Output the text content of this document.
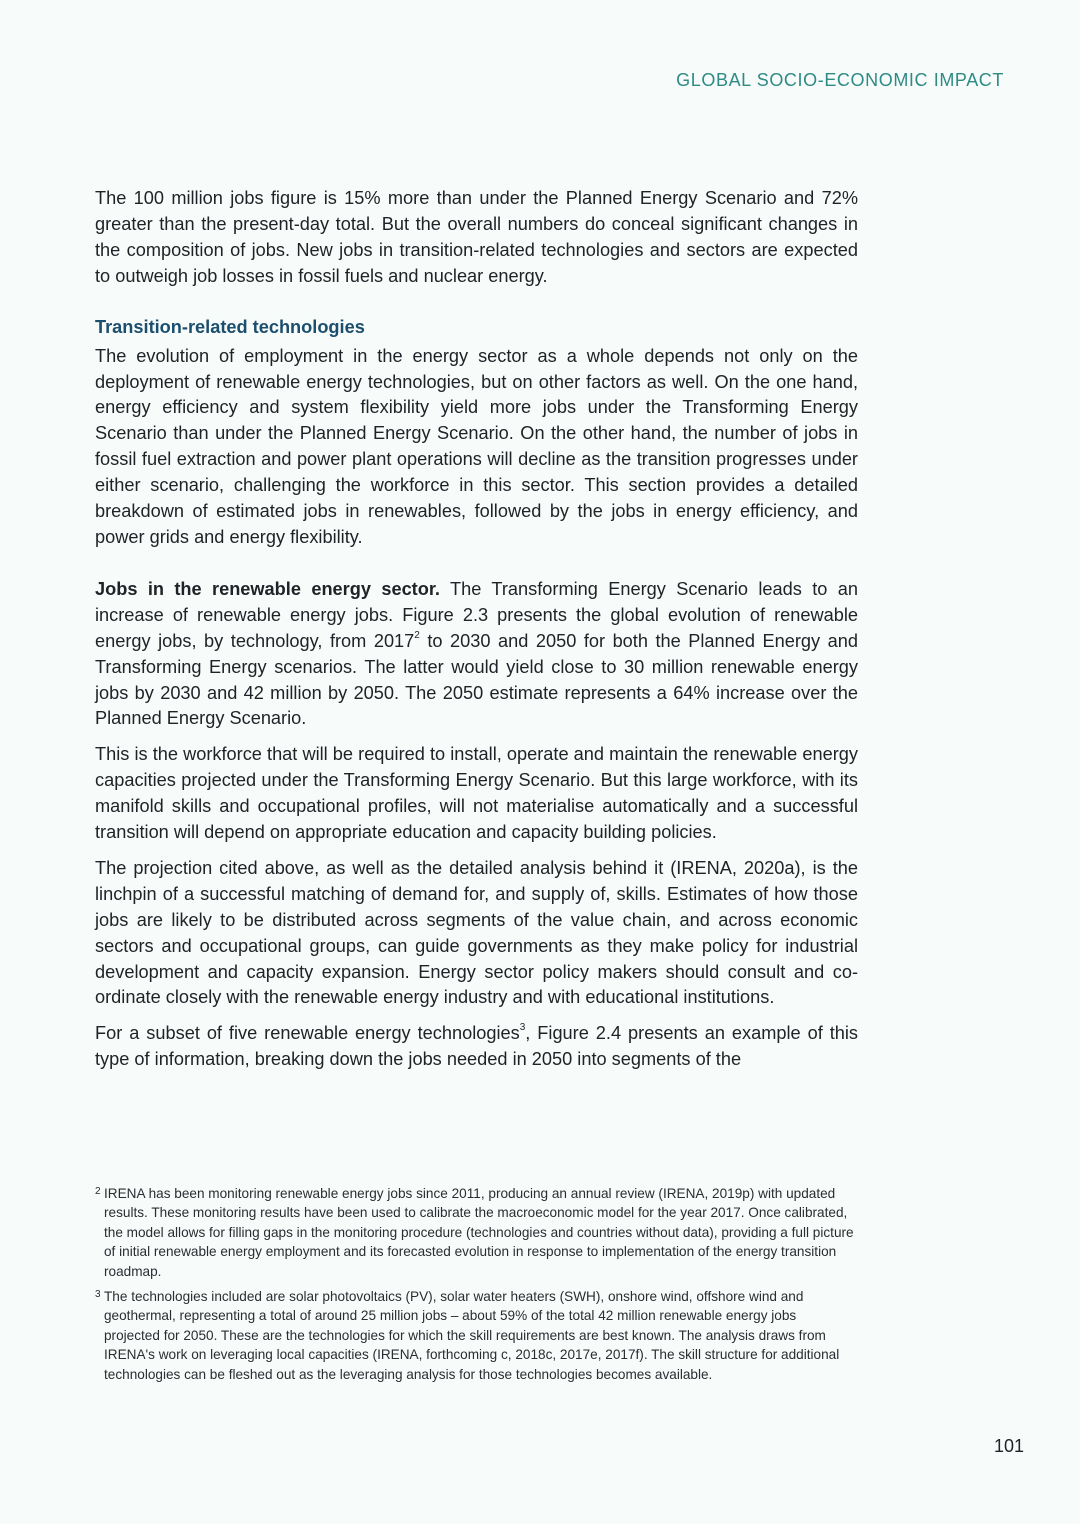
GLOBAL SOCIO-ECONOMIC IMPACT

The 100 million jobs figure is 15% more than under the Planned Energy Scenario and 72% greater than the present-day total. But the overall numbers do conceal significant changes in the composition of jobs. New jobs in transition-related technologies and sectors are expected to outweigh job losses in fossil fuels and nuclear energy.

Transition-related technologies

The evolution of employment in the energy sector as a whole depends not only on the deployment of renewable energy technologies, but on other factors as well. On the one hand, energy efficiency and system flexibility yield more jobs under the Transforming Energy Scenario than under the Planned Energy Scenario. On the other hand, the number of jobs in fossil fuel extraction and power plant operations will decline as the transition progresses under either scenario, challenging the workforce in this sector. This section provides a detailed breakdown of estimated jobs in renewables, followed by the jobs in energy efficiency, and power grids and energy flexibility.

Jobs in the renewable energy sector. The Transforming Energy Scenario leads to an increase of renewable energy jobs. Figure 2.3 presents the global evolution of renewable energy jobs, by technology, from 2017$^2$ to 2030 and 2050 for both the Planned Energy and Transforming Energy scenarios. The latter would yield close to 30 million renewable energy jobs by 2030 and 42 million by 2050. The 2050 estimate represents a 64% increase over the Planned Energy Scenario.

This is the workforce that will be required to install, operate and maintain the renewable energy capacities projected under the Transforming Energy Scenario. But this large workforce, with its manifold skills and occupational profiles, will not materialise automatically and a successful transition will depend on appropriate education and capacity building policies.

The projection cited above, as well as the detailed analysis behind it (IRENA, 2020a), is the linchpin of a successful matching of demand for, and supply of, skills. Estimates of how those jobs are likely to be distributed across segments of the value chain, and across economic sectors and occupational groups, can guide governments as they make policy for industrial development and capacity expansion. Energy sector policy makers should consult and co-ordinate closely with the renewable energy industry and with educational institutions.

For a subset of five renewable energy technologies$^3$, Figure 2.4 presents an example of this type of information, breaking down the jobs needed in 2050 into segments of the

2 IRENA has been monitoring renewable energy jobs since 2011, producing an annual review (IRENA, 2019p) with updated results. These monitoring results have been used to calibrate the macroeconomic model for the year 2017. Once calibrated, the model allows for filling gaps in the monitoring procedure (technologies and countries without data), providing a full picture of initial renewable energy employment and its forecasted evolution in response to implementation of the energy transition roadmap.
3 The technologies included are solar photovoltaics (PV), solar water heaters (SWH), onshore wind, offshore wind and geothermal, representing a total of around 25 million jobs – about 59% of the total 42 million renewable energy jobs projected for 2050. These are the technologies for which the skill requirements are best known. The analysis draws from IRENA's work on leveraging local capacities (IRENA, forthcoming c, 2018c, 2017e, 2017f). The skill structure for additional technologies can be fleshed out as the leveraging analysis for those technologies becomes available.
101
